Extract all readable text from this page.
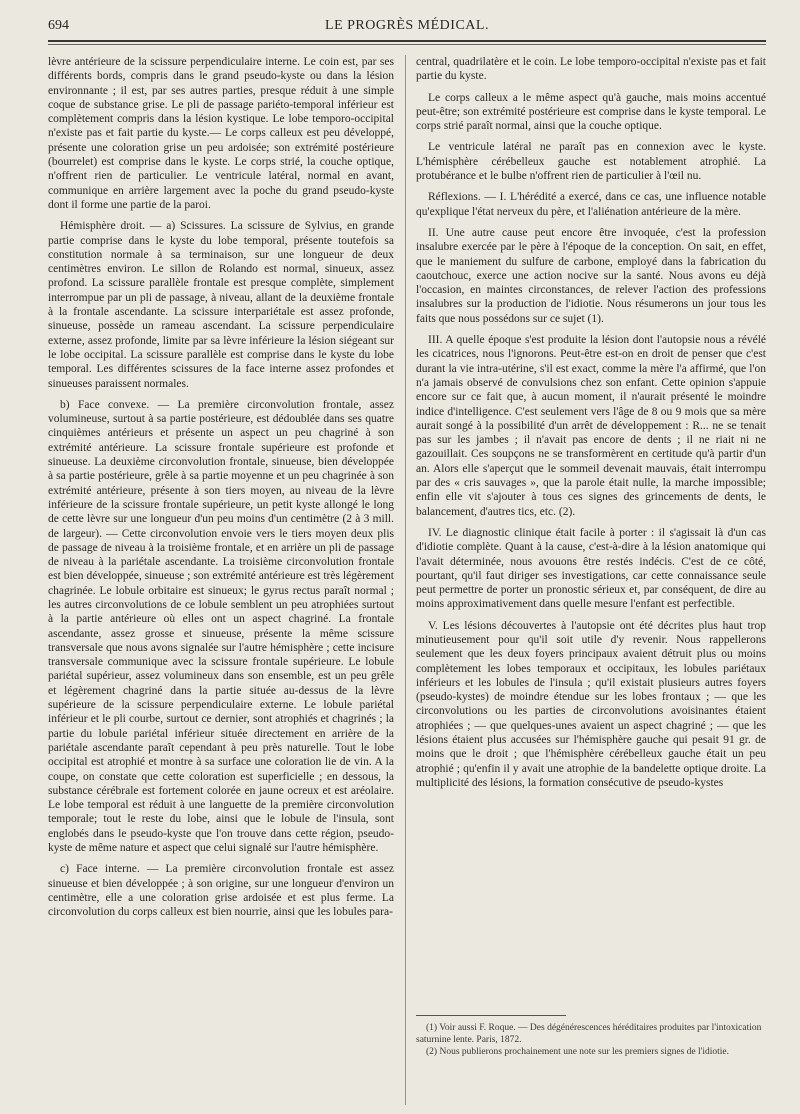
694	LE PROGRÈS MÉDICAL.

lèvre antérieure de la scissure perpendiculaire interne. Le coin est, par ses différents bords, compris dans le grand pseudo-kyste ou dans la lésion environnante ; il est, par ses autres parties, presque réduit à une simple coque de substance grise. Le pli de passage pariéto-temporal inférieur est complètement compris dans la lésion kystique. Le lobe temporo-occipital n'existe pas et fait partie du kyste.— Le corps calleux est peu développé, présente une coloration grise un peu ardoisée; son extrémité postérieure (bourrelet) est comprise dans le kyste. Le corps strié, la couche optique, n'offrent rien de particulier. Le ventricule latéral, normal en avant, communique en arrière largement avec la poche du grand pseudo-kyste dont il forme une partie de la paroi.

Hémisphère droit. — a) Scissures. La scissure de Sylvius, en grande partie comprise dans le kyste du lobe temporal, présente toutefois sa constitution normale à sa terminaison, sur une longueur de deux centimètres environ. Le sillon de Rolando est normal, sinueux, assez profond. La scissure parallèle frontale est presque complète, simplement interrompue par un pli de passage, à niveau, allant de la deuxième frontale à la frontale ascendante. La scissure interpariétale est assez profonde, sinueuse, possède un rameau ascendant. La scissure perpendiculaire externe, assez profonde, limite par sa lèvre inférieure la lésion siégeant sur le lobe occipital. La scissure parallèle est comprise dans le kyste du lobe temporal. Les différentes scissures de la face interne assez profondes et sinueuses paraissent normales.

b) Face convexe. — La première circonvolution frontale, assez volumineuse, surtout à sa partie postérieure, est dédoublée dans ses quatre cinquièmes antérieurs et présente un aspect un peu chagriné à son extrémité antérieure. La scissure frontale supérieure est profonde et sinueuse. La deuxième circonvolution frontale, sinueuse, bien développée à sa partie postérieure, grêle à sa partie moyenne et un peu chagrinée à son extrémité antérieure, présente à son tiers moyen, au niveau de la lèvre inférieure de la scissure frontale supérieure, un petit kyste allongé le long de cette lèvre sur une longueur d'un peu moins d'un centimètre (2 à 3 mill. de largeur). — Cette circonvolution envoie vers le tiers moyen deux plis de passage de niveau à la troisième frontale, et en arrière un pli de passage de niveau à la pariétale ascendante. La troisième circonvolution frontale est bien développée, sinueuse ; son extrémité antérieure est très légèrement chagrinée. Le lobule orbitaire est sinueux; le gyrus rectus paraît normal ; les autres circonvolutions de ce lobule semblent un peu atrophiées surtout à la partie antérieure où elles ont un aspect chagriné. La frontale ascendante, assez grosse et sinueuse, présente la même scissure transversale que nous avons signalée sur l'autre hémisphère ; cette incisure transversale communique avec la scissure frontale supérieure. Le lobule pariétal supérieur, assez volumineux dans son ensemble, est un peu grêle et légèrement chagriné dans la partie située au-dessus de la lèvre supérieure de la scissure perpendiculaire externe. Le lobule pariétal inférieur et le pli courbe, surtout ce dernier, sont atrophiés et chagrinés ; la partie du lobule pariétal inférieur située directement en arrière de la pariétale ascendante paraît cependant à peu près naturelle. Tout le lobe occipital est atrophié et montre à sa surface une coloration lie de vin. A la coupe, on constate que cette coloration est superficielle ; en dessous, la substance cérébrale est fortement colorée en jaune ocreux et est aréolaire. Le lobe temporal est réduit à une languette de la première circonvolution temporale; tout le reste du lobe, ainsi que le lobule de l'insula, sont englobés dans le pseudo-kyste que l'on trouve dans cette région, pseudo-kyste de même nature et aspect que celui signalé sur l'autre hémisphère.

c) Face interne. — La première circonvolution frontale est assez sinueuse et bien développée ; à son origine, sur une longueur d'environ un centimètre, elle a une coloration grise ardoisée et est plus ferme. La circonvolution du corps calleux est bien nourrie, ainsi que les lobules para-

central, quadrilatère et le coin. Le lobe temporo-occipital n'existe pas et fait partie du kyste.

Le corps calleux a le même aspect qu'à gauche, mais moins accentué peut-être; son extrémité postérieure est comprise dans le kyste temporal. Le corps strié paraît normal, ainsi que la couche optique.

Le ventricule latéral ne paraît pas en connexion avec le kyste. L'hémisphère cérébelleux gauche est notablement atrophié. La protubérance et le bulbe n'offrent rien de particulier à l'œil nu.

Réflexions. — I. L'hérédité a exercé, dans ce cas, une influence notable qu'explique l'état nerveux du père, et l'aliénation antérieure de la mère.

II. Une autre cause peut encore être invoquée, c'est la profession insalubre exercée par le père à l'époque de la conception. On sait, en effet, que le maniement du sulfure de carbone, employé dans la fabrication du caoutchouc, exerce une action nocive sur la santé. Nous avons eu déjà l'occasion, en maintes circonstances, de relever l'action des professions insalubres sur la production de l'idiotie. Nous résumerons un jour tous les faits que nous possédons sur ce sujet (1).

III. A quelle époque s'est produite la lésion dont l'autopsie nous a révélé les cicatrices, nous l'ignorons. Peut-être est-on en droit de penser que c'est durant la vie intra-utérine, s'il est exact, comme la mère l'a affirmé, que l'on n'a jamais observé de convulsions chez son enfant. Cette opinion s'appuie encore sur ce fait que, à aucun moment, il n'aurait présenté le moindre indice d'intelligence. C'est seulement vers l'âge de 8 ou 9 mois que sa mère aurait songé à la possibilité d'un arrêt de développement : R... ne se tenait pas sur les jambes ; il n'avait pas encore de dents ; il ne riait ni ne gazouillait. Ces soupçons ne se transformèrent en certitude qu'à partir d'un an. Alors elle s'aperçut que le sommeil devenait mauvais, était interrompu par des « cris sauvages », que la parole était nulle, la marche impossible; enfin elle vit s'ajouter à tous ces signes des grincements de dents, le balancement, d'autres tics, etc. (2).

IV. Le diagnostic clinique était facile à porter : il s'agissait là d'un cas d'idiotie complète. Quant à la cause, c'est-à-dire à la lésion anatomique qui l'avait déterminée, nous avouons être restés indécis. C'est de ce côté, pourtant, qu'il faut diriger ses investigations, car cette connaissance seule peut permettre de porter un pronostic sérieux et, par conséquent, de dire au moins approximativement dans quelle mesure l'enfant est perfectible.

V. Les lésions découvertes à l'autopsie ont été décrites plus haut trop minutieusement pour qu'il soit utile d'y revenir. Nous rappellerons seulement que les deux foyers principaux avaient détruit plus ou moins complètement les lobes temporaux et occipitaux, les lobules pariétaux inférieurs et les lobules de l'insula ; qu'il existait plusieurs autres foyers (pseudo-kystes) de moindre étendue sur les lobes frontaux ; — que les circonvolutions ou les parties de circonvolutions avoisinantes étaient atrophiées ; — que quelques-unes avaient un aspect chagriné ; — que les lésions étaient plus accusées sur l'hémisphère gauche qui pesait 91 gr. de moins que le droit ; que l'hémisphère cérébelleux gauche était un peu atrophié ; qu'enfin il y avait une atrophie de la bandelette optique droite. La multiplicité des lésions, la formation consécutive de pseudo-kystes

(1) Voir aussi F. Roque. — Des dégénérescences héréditaires produites par l'intoxication saturnine lente. Paris, 1872.

(2) Nous publierons prochainement une note sur les premiers signes de l'idiotie.
